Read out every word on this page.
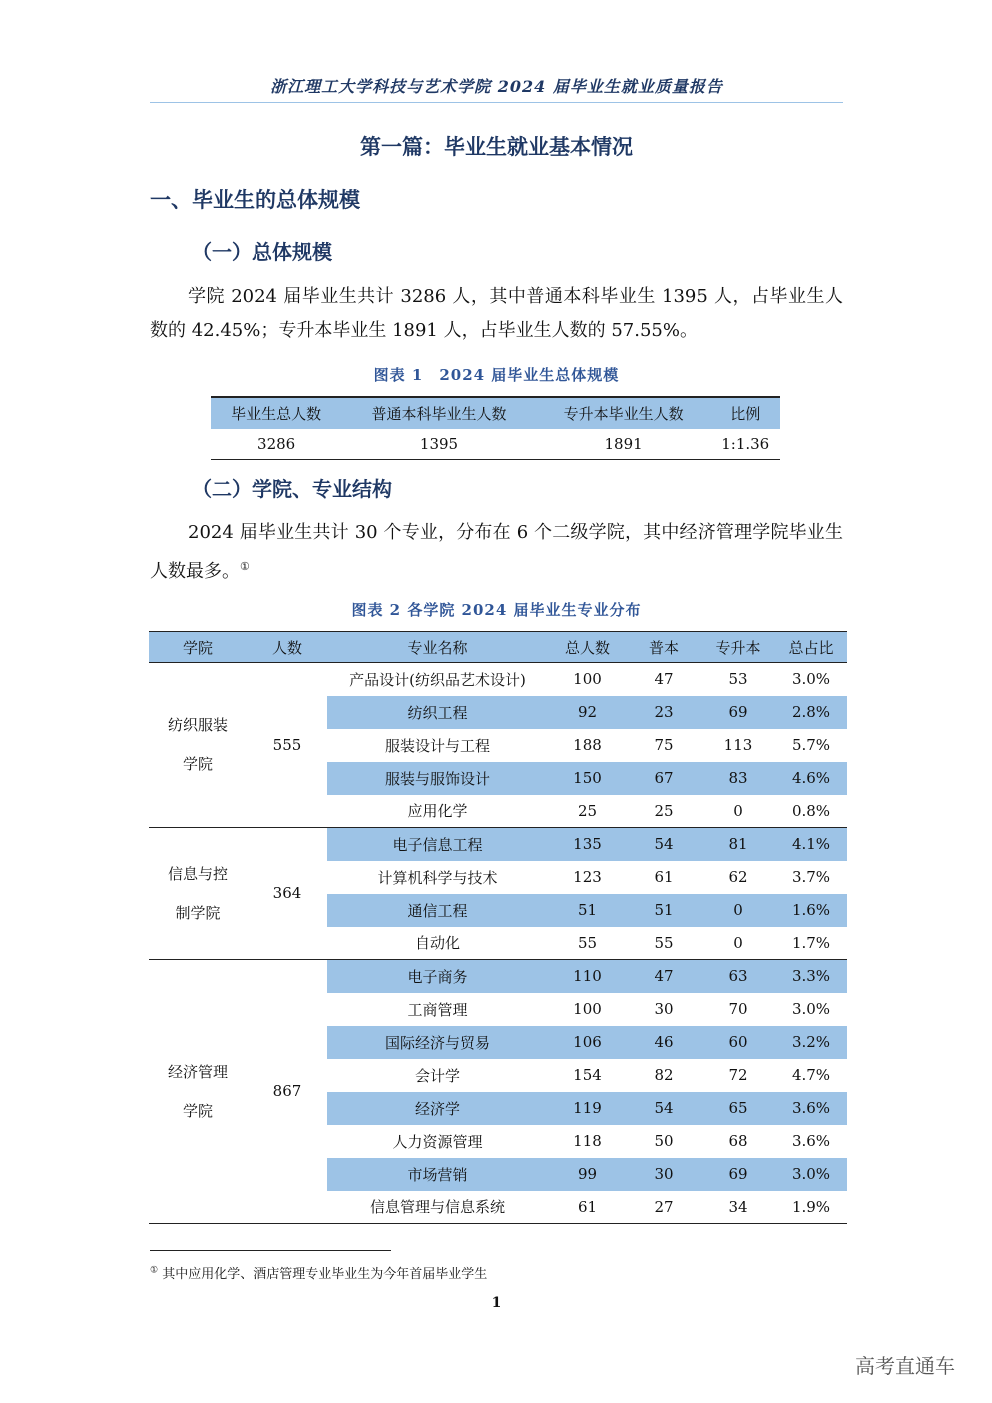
浙江理工大学科技与艺术学院 2024 届毕业生就业质量报告
第一篇：毕业生就业基本情况
一、毕业生的总体规模
（一）总体规模
学院 2024 届毕业生共计 3286 人，其中普通本科毕业生 1395 人，占毕业生人数的 42.45%；专升本毕业生 1891 人，占毕业生人数的 57.55%。
图表 1　2024 届毕业生总体规模
毕业生总人数	普通本科毕业生人数	专升本毕业生人数	比例
3286	1395	1891	1:1.36
（二）学院、专业结构
2024 届毕业生共计 30 个专业，分布在 6 个二级学院，其中经济管理学院毕业生人数最多。①
图表 2 各学院 2024 届毕业生专业分布
学院	人数	专业名称	总人数	普本	专升本	总占比

纺织服装
学院	555	产品设计(纺织品艺术设计)	100	47	53	3.0%
		纺织工程	92	23	69	2.8%
		服装设计与工程	188	75	113	5.7%
		服装与服饰设计	150	67	83	4.6%
		应用化学	25	25	0	0.8%

信息与控
制学院	364	电子信息工程	135	54	81	4.1%
		计算机科学与技术	123	61	62	3.7%
		通信工程	51	51	0	1.6%
		自动化	55	55	0	1.7%

经济管理
学院	867	电子商务	110	47	63	3.3%
		工商管理	100	30	70	3.0%
		国际经济与贸易	106	46	60	3.2%
		会计学	154	82	72	4.7%
		经济学	119	54	65	3.6%
		人力资源管理	118	50	68	3.6%
		市场营销	99	30	69	3.0%
		信息管理与信息系统	61	27	34	1.9%
① 其中应用化学、酒店管理专业毕业生为今年首届毕业学生
1
高考直通车
